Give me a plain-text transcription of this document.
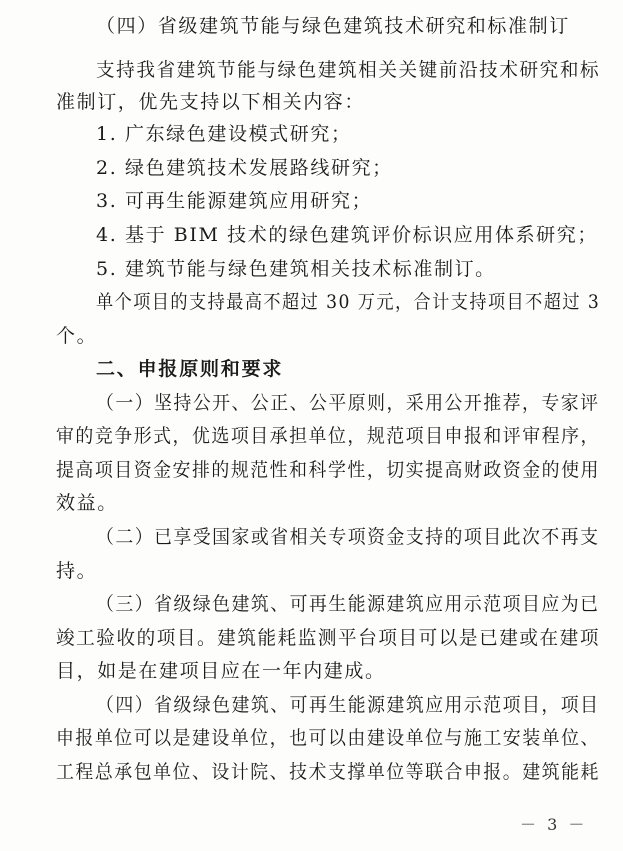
（四）省级建筑节能与绿色建筑技术研究和标准制订
支持我省建筑节能与绿色建筑相关关键前沿技术研究和标
准制订，优先支持以下相关内容：
1. 广东绿色建设模式研究；
2. 绿色建筑技术发展路线研究；
3. 可再生能源建筑应用研究；
4. 基于 BIM 技术的绿色建筑评价标识应用体系研究；
5. 建筑节能与绿色建筑相关技术标准制订。
单个项目的支持最高不超过 30 万元，合计支持项目不超过 3
个。
二、申报原则和要求
（一）坚持公开、公正、公平原则，采用公开推荐，专家评
审的竞争形式，优选项目承担单位，规范项目申报和评审程序，
提高项目资金安排的规范性和科学性，切实提高财政资金的使用
效益。
（二）已享受国家或省相关专项资金支持的项目此次不再支
持。
（三）省级绿色建筑、可再生能源建筑应用示范项目应为已
竣工验收的项目。建筑能耗监测平台项目可以是已建或在建项
目，如是在建项目应在一年内建成。
（四）省级绿色建筑、可再生能源建筑应用示范项目，项目
申报单位可以是建设单位，也可以由建设单位与施工安装单位、
工程总承包单位、设计院、技术支撑单位等联合申报。建筑能耗
－ 3 －
